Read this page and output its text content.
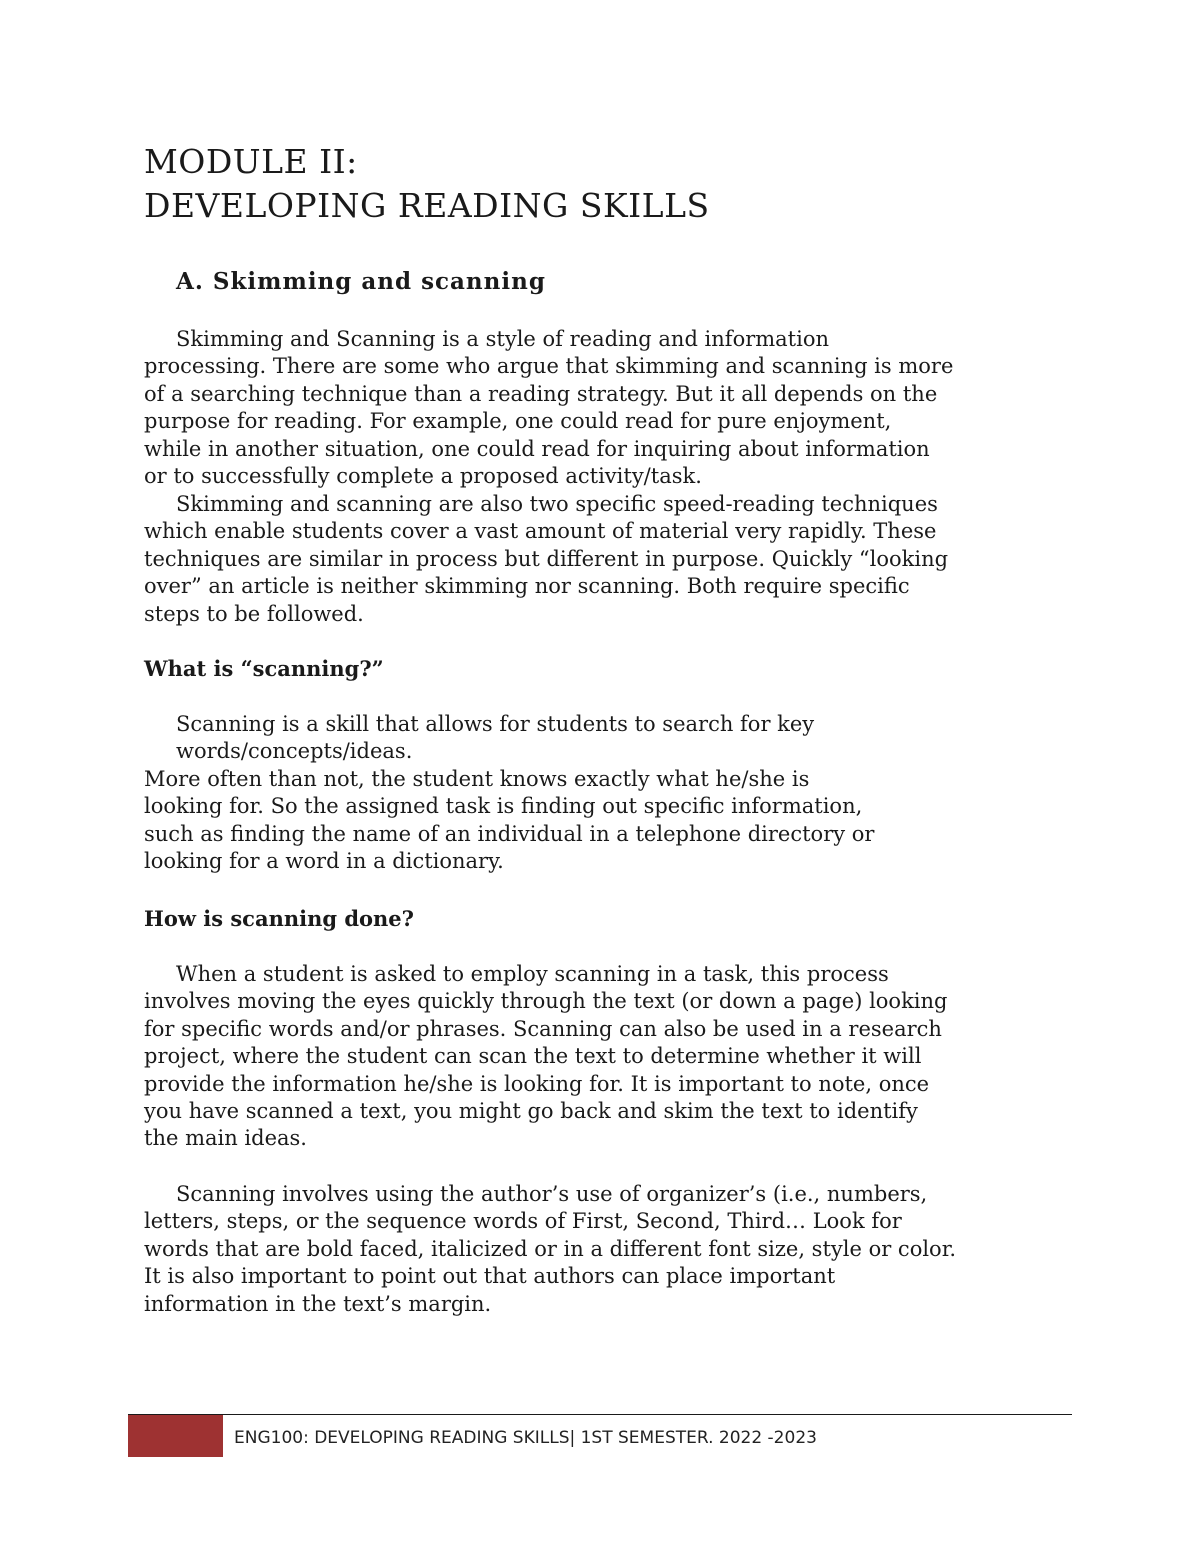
MODULE II:
DEVELOPING READING SKILLS
A. Skimming and scanning
Skimming and Scanning is a style of reading and information
processing. There are some who argue that skimming and scanning is more
of a searching technique than a reading strategy. But it all depends on the
purpose for reading. For example, one could read for pure enjoyment,
while in another situation, one could read for inquiring about information
or to successfully complete a proposed activity/task.
Skimming and scanning are also two specific speed-reading techniques
which enable students cover a vast amount of material very rapidly. These
techniques are similar in process but different in purpose. Quickly “looking
over” an article is neither skimming nor scanning. Both require specific
steps to be followed.
What is “scanning?”
Scanning is a skill that allows for students to search for key
words/concepts/ideas.
More often than not, the student knows exactly what he/she is
looking for. So the assigned task is finding out specific information,
such as finding the name of an individual in a telephone directory or
looking for a word in a dictionary.
How is scanning done?
When a student is asked to employ scanning in a task, this process
involves moving the eyes quickly through the text (or down a page) looking
for specific words and/or phrases. Scanning can also be used in a research
project, where the student can scan the text to determine whether it will
provide the information he/she is looking for. It is important to note, once
you have scanned a text, you might go back and skim the text to identify
the main ideas.
Scanning involves using the author’s use of organizer’s (i.e., numbers,
letters, steps, or the sequence words of First, Second, Third… Look for
words that are bold faced, italicized or in a different font size, style or color.
It is also important to point out that authors can place important
information in the text’s margin.
ENG100: DEVELOPING READING SKILLS| 1ST SEMESTER. 2022 -2023
